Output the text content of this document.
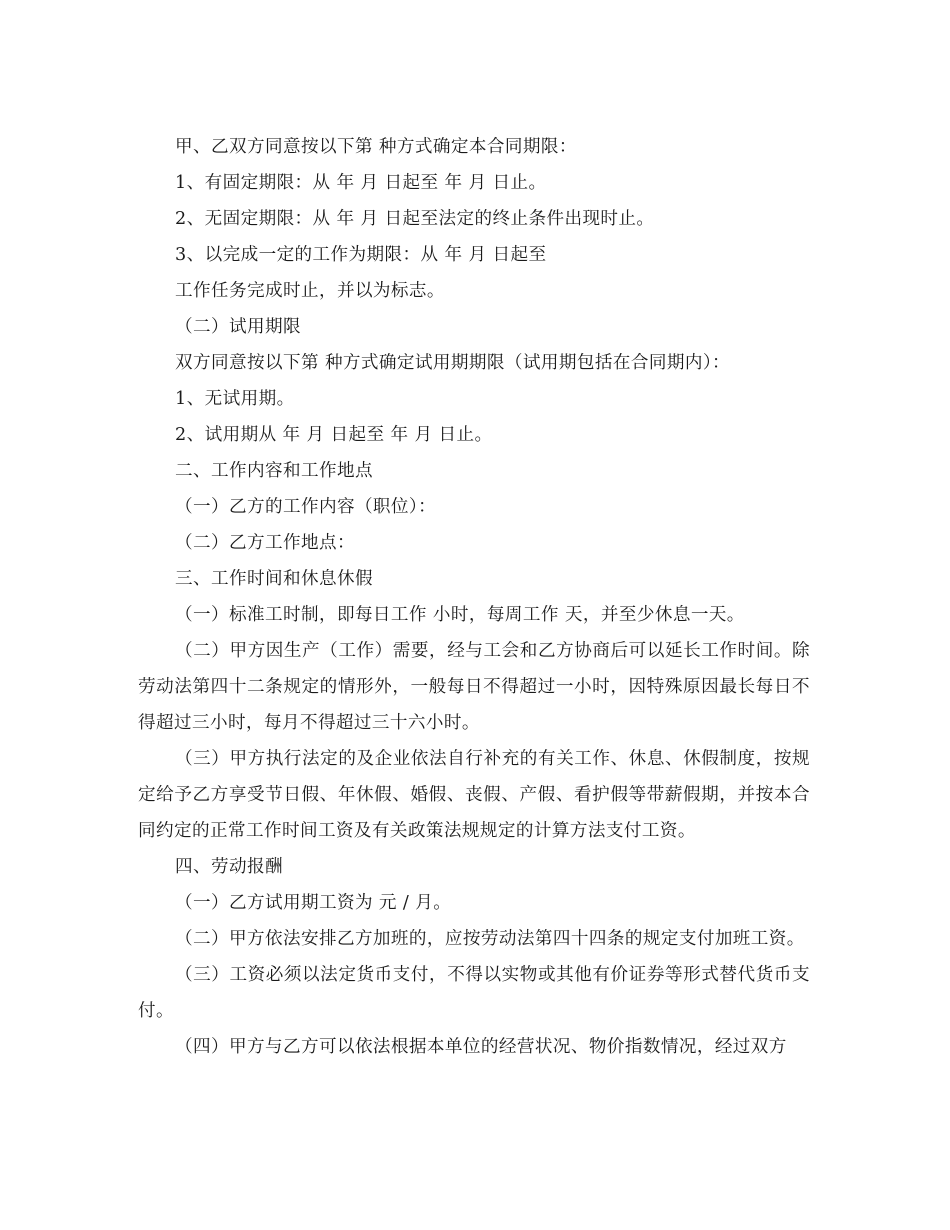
甲、乙双方同意按以下第 种方式确定本合同期限：

1、有固定期限：从 年 月 日起至 年 月 日止。

2、无固定期限：从 年 月 日起至法定的终止条件出现时止。

3、以完成一定的工作为期限：从 年 月 日起至

工作任务完成时止，并以为标志。

（二）试用期限

双方同意按以下第 种方式确定试用期期限（试用期包括在合同期内）：

1、无试用期。

2、试用期从 年 月 日起至 年 月 日止。

二、工作内容和工作地点

（一）乙方的工作内容（职位）：

（二）乙方工作地点：

三、工作时间和休息休假

（一）标准工时制，即每日工作 小时，每周工作 天，并至少休息一天。

（二）甲方因生产（工作）需要，经与工会和乙方协商后可以延长工作时间。除劳动法第四十二条规定的情形外，一般每日不得超过一小时，因特殊原因最长每日不得超过三小时，每月不得超过三十六小时。

（三）甲方执行法定的及企业依法自行补充的有关工作、休息、休假制度，按规定给予乙方享受节日假、年休假、婚假、丧假、产假、看护假等带薪假期，并按本合同约定的正常工作时间工资及有关政策法规规定的计算方法支付工资。

四、劳动报酬

（一）乙方试用期工资为 元 / 月。

（二）甲方依法安排乙方加班的，应按劳动法第四十四条的规定支付加班工资。

（三）工资必须以法定货币支付，不得以实物或其他有价证券等形式替代货币支付。

（四）甲方与乙方可以依法根据本单位的经营状况、物价指数情况，经过双方
